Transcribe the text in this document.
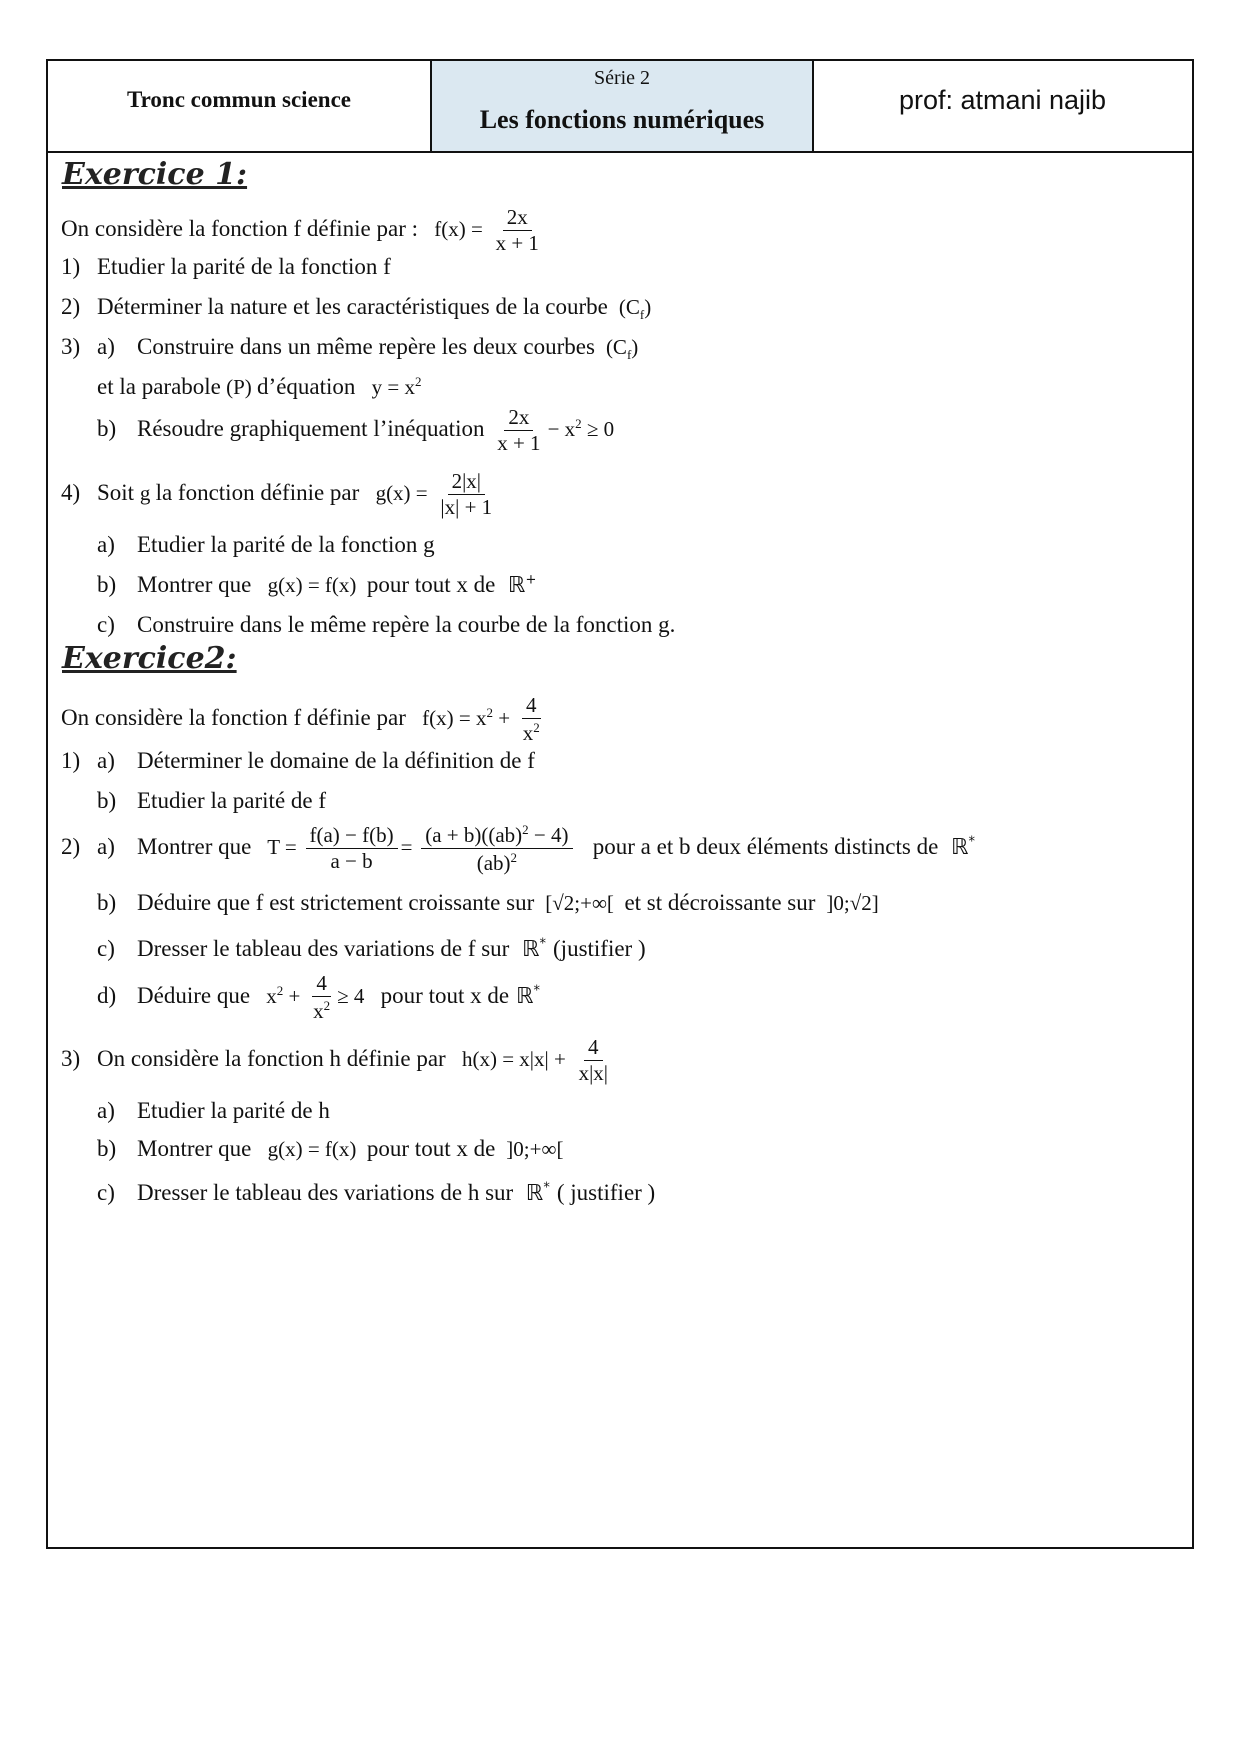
Tronc commun science
Série 2
Les fonctions numériques
prof: atmani najib
Exercice 1:
On considère la fonction f définie par :   $f(x) = \frac{2x}{x + 1}$
1) Etudier la parité de la fonction f
2) Déterminer la nature et les caractéristiques de la courbe  $(C_f)$
3) a) Construire dans un même repère les deux courbes  $(C_f)$
et la parabole (P) d’équation   $y = x^2$
b) Résoudre graphiquement l’inéquation $\frac{2x}{x + 1} - x^2 \ge 0$
4) Soit g la fonction définie par   $g(x) = \frac{2|x|}{|x| + 1}$
a) Etudier la parité de la fonction g
b) Montrer que   g(x) = f(x)  pour tout x de  ℝ+
c) Construire dans le même repère la courbe de la fonction g.
Exercice2:
On considère la fonction f définie par   $f(x) = x^2 + \frac{4}{x^2}$
1) a) Déterminer le domaine de la définition de f
b) Etudier la parité de f
2) a) Montrer que   $T = \frac{f(a) - f(b)}{a - b} = \frac{(a + b)((ab)^2 - 4)}{(ab)^2}$ pour a et b deux éléments distincts de  ℝ*
b) Déduire que f est strictement croissante sur  [√2;+∞[  et st décroissante sur  ]0;√2]
c) Dresser le tableau des variations de f sur  ℝ* (justifier )
d) Déduire que   $x^2 + \frac{4}{x^2} \ge 4$   pour tout x de ℝ*
3) On considère la fonction h définie par   $h(x) = x|x| + \frac{4}{x|x|}$
a) Etudier la parité de h
b) Montrer que   g(x) = f(x)  pour tout x de  ]0;+∞[
c) Dresser le tableau des variations de h sur  ℝ* ( justifier )
